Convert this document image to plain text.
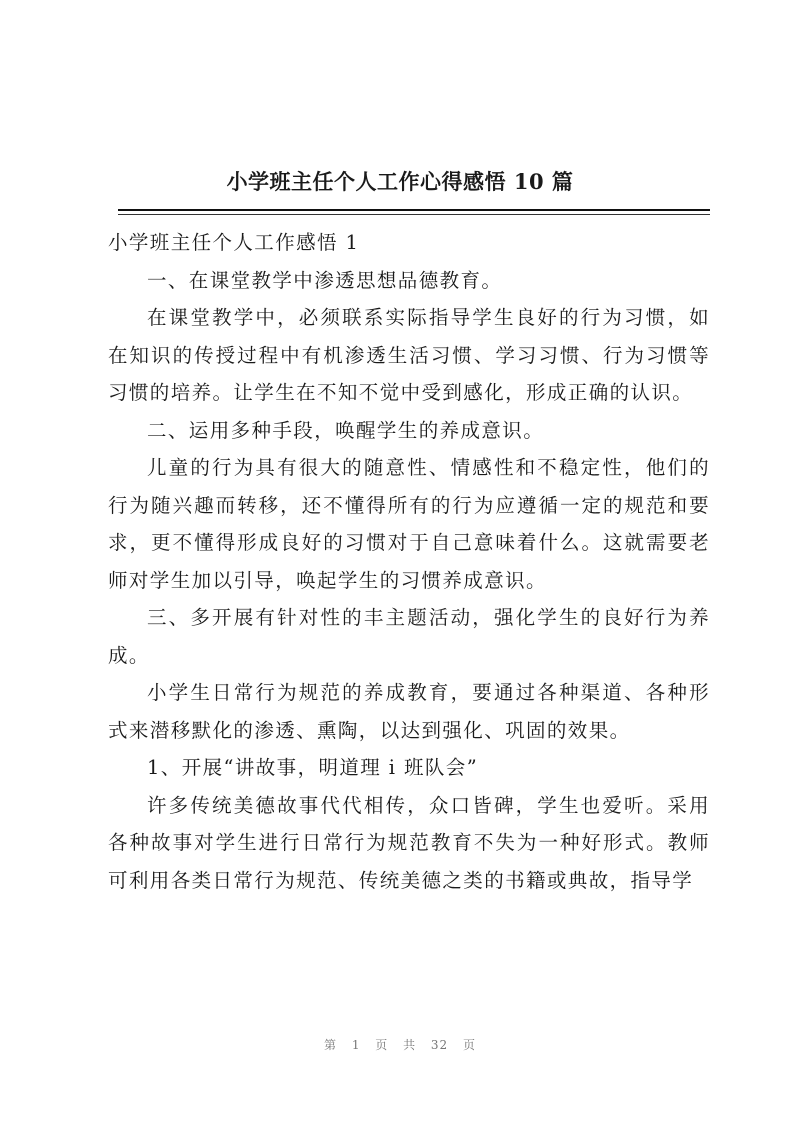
小学班主任个人工作心得感悟 10 篇

小学班主任个人工作感悟 1

一、在课堂教学中渗透思想品德教育。

在课堂教学中，必须联系实际指导学生良好的行为习惯，如在知识的传授过程中有机渗透生活习惯、学习习惯、行为习惯等习惯的培养。让学生在不知不觉中受到感化，形成正确的认识。

二、运用多种手段，唤醒学生的养成意识。

儿童的行为具有很大的随意性、情感性和不稳定性，他们的行为随兴趣而转移，还不懂得所有的行为应遵循一定的规范和要求，更不懂得形成良好的习惯对于自己意味着什么。这就需要老师对学生加以引导，唤起学生的习惯养成意识。

三、多开展有针对性的丰主题活动，强化学生的良好行为养成。

小学生日常行为规范的养成教育，要通过各种渠道、各种形式来潜移默化的渗透、熏陶，以达到强化、巩固的效果。

1、开展“讲故事，明道理 i 班队会”

许多传统美德故事代代相传，众口皆碑，学生也爱听。采用各种故事对学生进行日常行为规范教育不失为一种好形式。教师可利用各类日常行为规范、传统美德之类的书籍或典故，指导学

第 1 页 共 32 页
